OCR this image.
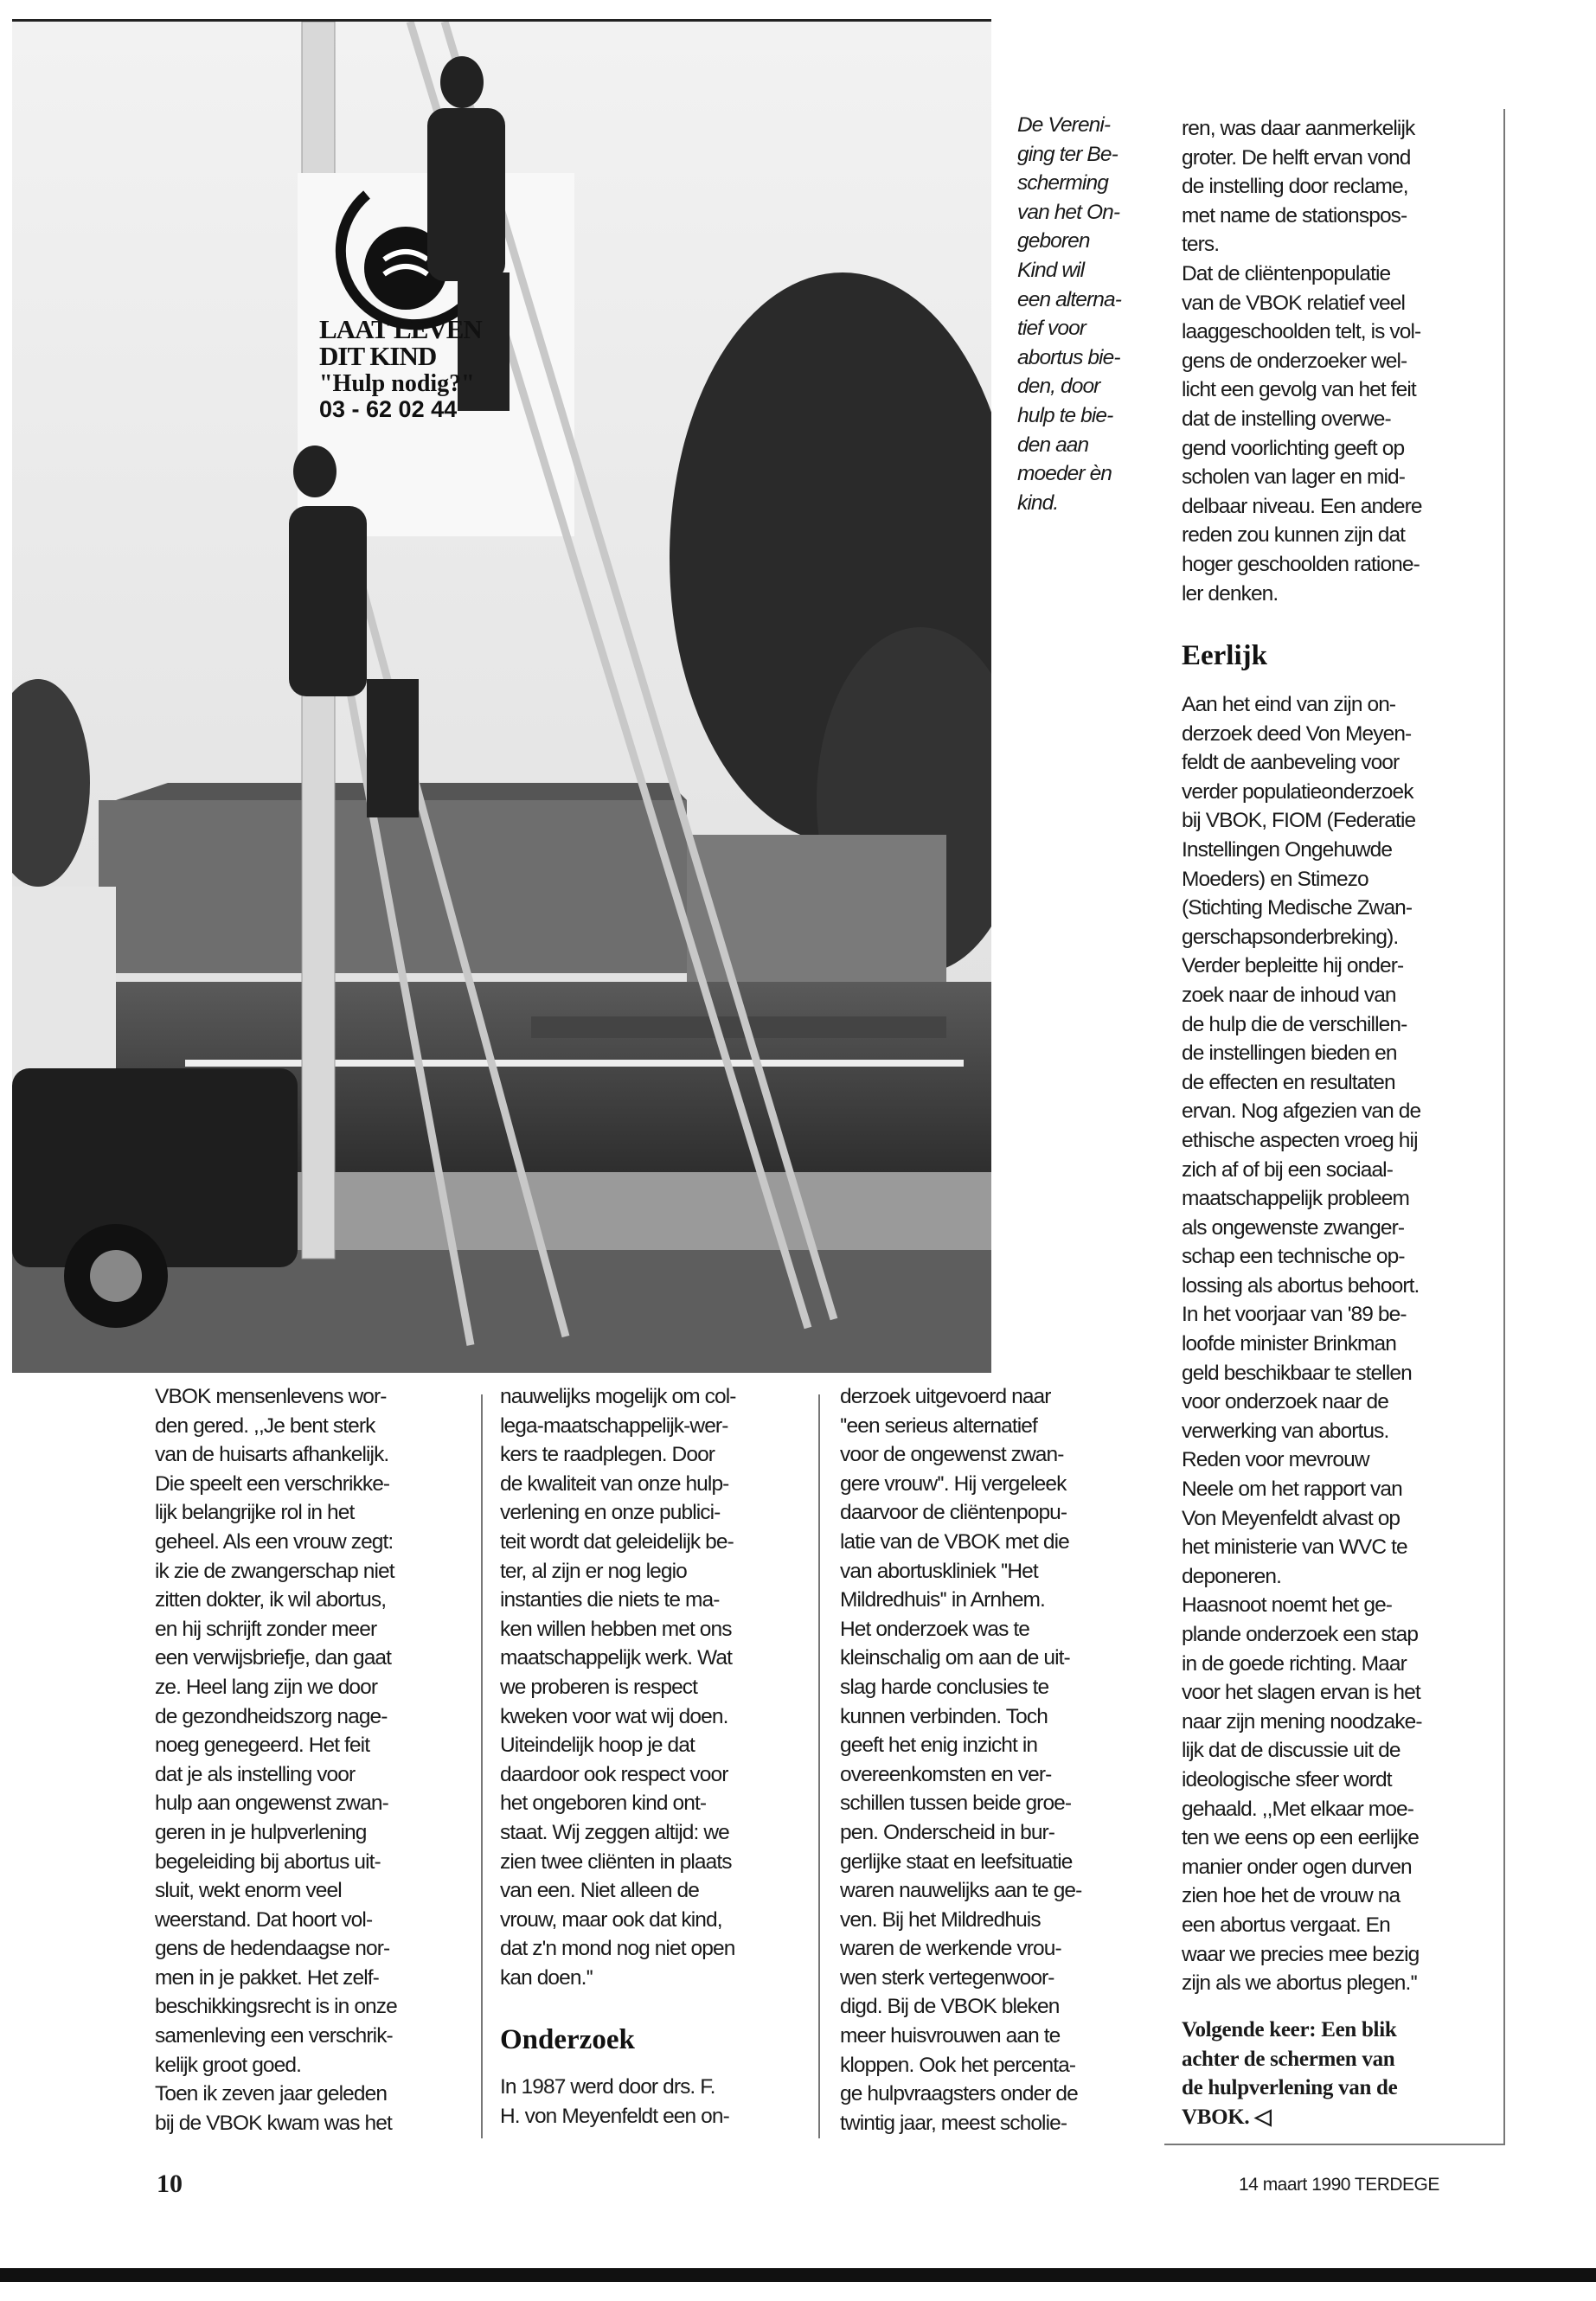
LAAT LEVEN
DIT KIND
"Hulp nodig?"
03 - 62 02 44
De Vereni-
ging ter Be-
scherming
van het On-
geboren
Kind wil
een alterna-
tief voor
abortus bie-
den, door
hulp te bie-
den aan
moeder èn
kind.
ren, was daar aanmerkelijk
groter. De helft ervan vond
de instelling door reclame,
met name de stationspos-
ters.
Dat de cliëntenpopulatie
van de VBOK relatief veel
laaggeschoolden telt, is vol-
gens de onderzoeker wel-
licht een gevolg van het feit
dat de instelling overwe-
gend voorlichting geeft op
scholen van lager en mid-
delbaar niveau. Een andere
reden zou kunnen zijn dat
hoger geschoolden ratione-
ler denken.
Eerlijk
Aan het eind van zijn on-
derzoek deed Von Meyen-
feldt de aanbeveling voor
verder populatieonderzoek
bij VBOK, FIOM (Federatie
Instellingen Ongehuwde
Moeders) en Stimezo
(Stichting Medische Zwan-
gerschapsonderbreking).
Verder bepleitte hij onder-
zoek naar de inhoud van
de hulp die de verschillen-
de instellingen bieden en
de effecten en resultaten
ervan. Nog afgezien van de
ethische aspecten vroeg hij
zich af of bij een sociaal-
maatschappelijk probleem
als ongewenste zwanger-
schap een technische op-
lossing als abortus behoort.
In het voorjaar van '89 be-
loofde minister Brinkman
geld beschikbaar te stellen
voor onderzoek naar de
verwerking van abortus.
Reden voor mevrouw
Neele om het rapport van
Von Meyenfeldt alvast op
het ministerie van WVC te
deponeren.
Haasnoot noemt het ge-
plande onderzoek een stap
in de goede richting. Maar
voor het slagen ervan is het
naar zijn mening noodzake-
lijk dat de discussie uit de
ideologische sfeer wordt
gehaald. ,,Met elkaar moe-
ten we eens op een eerlijke
manier onder ogen durven
zien hoe het de vrouw na
een abortus vergaat. En
waar we precies mee bezig
zijn als we abortus plegen.''
Volgende keer: Een blik
achter de schermen van
de hulpverlening van de
VBOK. ◁
VBOK mensenlevens wor-
den gered. ,,Je bent sterk
van de huisarts afhankelijk.
Die speelt een verschrikke-
lijk belangrijke rol in het
geheel. Als een vrouw zegt:
ik zie de zwangerschap niet
zitten dokter, ik wil abortus,
en hij schrijft zonder meer
een verwijsbriefje, dan gaat
ze. Heel lang zijn we door
de gezondheidszorg nage-
noeg genegeerd. Het feit
dat je als instelling voor
hulp aan ongewenst zwan-
geren in je hulpverlening
begeleiding bij abortus uit-
sluit, wekt enorm veel
weerstand. Dat hoort vol-
gens de hedendaagse nor-
men in je pakket. Het zelf-
beschikkingsrecht is in onze
samenleving een verschrik-
kelijk groot goed.
Toen ik zeven jaar geleden
bij de VBOK kwam was het
nauwelijks mogelijk om col-
lega-maatschappelijk-wer-
kers te raadplegen. Door
de kwaliteit van onze hulp-
verlening en onze publici-
teit wordt dat geleidelijk be-
ter, al zijn er nog legio
instanties die niets te ma-
ken willen hebben met ons
maatschappelijk werk. Wat
we proberen is respect
kweken voor wat wij doen.
Uiteindelijk hoop je dat
daardoor ook respect voor
het ongeboren kind ont-
staat. Wij zeggen altijd: we
zien twee cliënten in plaats
van een. Niet alleen de
vrouw, maar ook dat kind,
dat z'n mond nog niet open
kan doen.''
Onderzoek
In 1987 werd door drs. F.
H. von Meyenfeldt een on-
derzoek uitgevoerd naar
''een serieus alternatief
voor de ongewenst zwan-
gere vrouw''. Hij vergeleek
daarvoor de cliëntenpopu-
latie van de VBOK met die
van abortuskliniek ''Het
Mildredhuis'' in Arnhem.
Het onderzoek was te
kleinschalig om aan de uit-
slag harde conclusies te
kunnen verbinden. Toch
geeft het enig inzicht in
overeenkomsten en ver-
schillen tussen beide groe-
pen. Onderscheid in bur-
gerlijke staat en leefsituatie
waren nauwelijks aan te ge-
ven. Bij het Mildredhuis
waren de werkende vrou-
wen sterk vertegenwoor-
digd. Bij de VBOK bleken
meer huisvrouwen aan te
kloppen. Ook het percenta-
ge hulpvraagsters onder de
twintig jaar, meest scholie-
10	14 maart 1990 TERDEGE
